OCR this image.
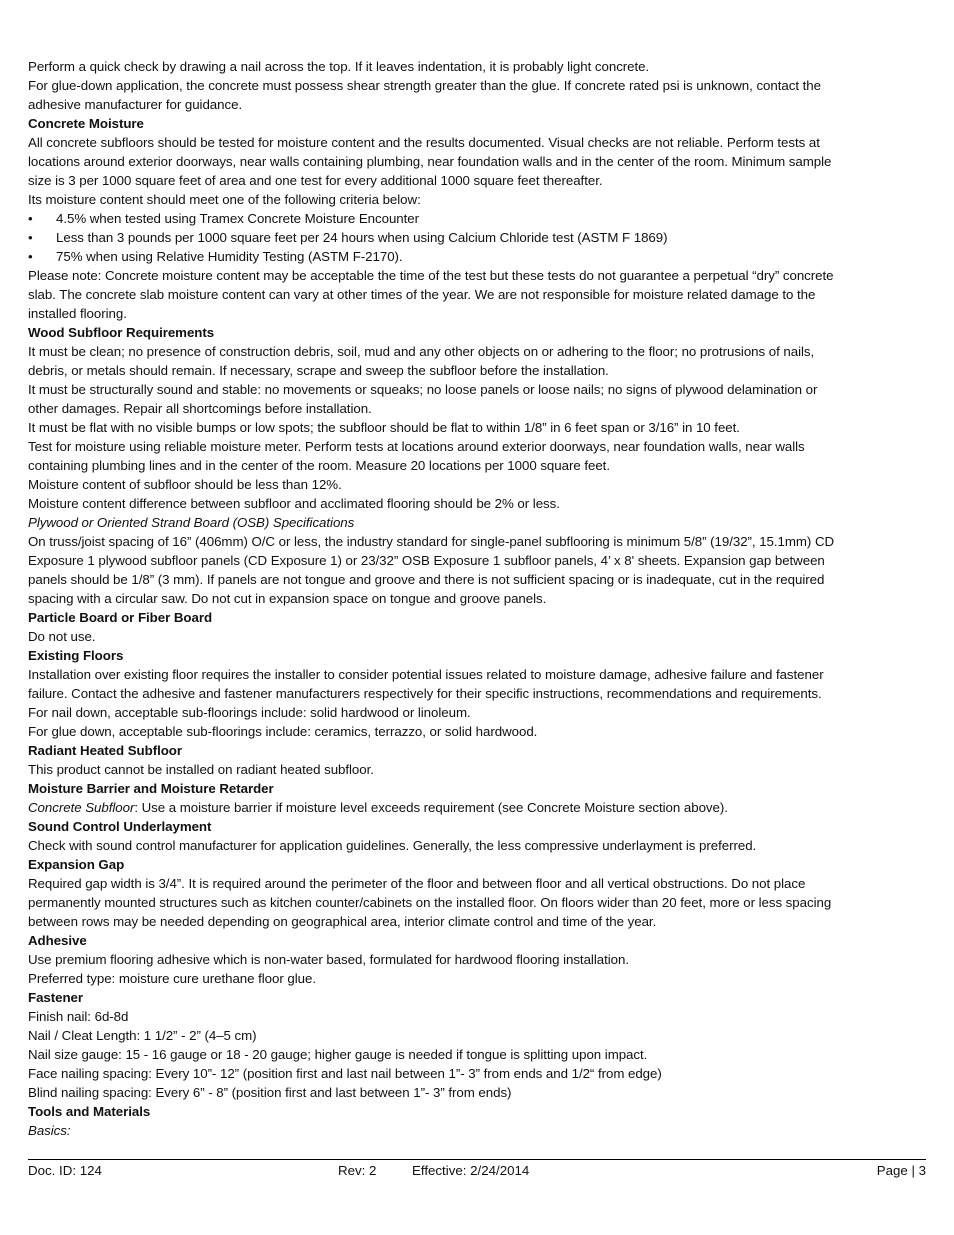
Perform a quick check by drawing a nail across the top. If it leaves indentation, it is probably light concrete.
For glue-down application, the concrete must possess shear strength greater than the glue. If concrete rated psi is unknown, contact the
adhesive manufacturer for guidance.
Concrete Moisture
All concrete subfloors should be tested for moisture content and the results documented. Visual checks are not reliable. Perform tests at
locations around exterior doorways, near walls containing plumbing, near foundation walls and in the center of the room. Minimum sample
size is 3 per 1000 square feet of area and one test for every additional 1000 square feet thereafter.
Its moisture content should meet one of the following criteria below:
• 4.5% when tested using Tramex Concrete Moisture Encounter
• Less than 3 pounds per 1000 square feet per 24 hours when using Calcium Chloride test (ASTM F 1869)
• 75% when using Relative Humidity Testing (ASTM F-2170).
Please note: Concrete moisture content may be acceptable the time of the test but these tests do not guarantee a perpetual “dry” concrete
slab. The concrete slab moisture content can vary at other times of the year. We are not responsible for moisture related damage to the
installed flooring.
Wood Subfloor Requirements
It must be clean; no presence of construction debris, soil, mud and any other objects on or adhering to the floor; no protrusions of nails,
debris, or metals should remain. If necessary, scrape and sweep the subfloor before the installation.
It must be structurally sound and stable: no movements or squeaks; no loose panels or loose nails; no signs of plywood delamination or
other damages. Repair all shortcomings before installation.
It must be flat with no visible bumps or low spots; the subfloor should be flat to within 1/8” in 6 feet span or 3/16” in 10 feet.
Test for moisture using reliable moisture meter. Perform tests at locations around exterior doorways, near foundation walls, near walls
containing plumbing lines and in the center of the room. Measure 20 locations per 1000 square feet.
Moisture content of subfloor should be less than 12%.
Moisture content difference between subfloor and acclimated flooring should be 2% or less.
Plywood or Oriented Strand Board (OSB) Specifications
On truss/joist spacing of 16” (406mm) O/C or less, the industry standard for single-panel subflooring is minimum 5/8” (19/32”, 15.1mm) CD
Exposure 1 plywood subfloor panels (CD Exposure 1) or 23/32” OSB Exposure 1 subfloor panels, 4’ x 8' sheets. Expansion gap between
panels should be 1/8” (3 mm). If panels are not tongue and groove and there is not sufficient spacing or is inadequate, cut in the required
spacing with a circular saw. Do not cut in expansion space on tongue and groove panels.
Particle Board or Fiber Board
Do not use.
Existing Floors
Installation over existing floor requires the installer to consider potential issues related to moisture damage, adhesive failure and fastener
failure. Contact the adhesive and fastener manufacturers respectively for their specific instructions, recommendations and requirements.
For nail down, acceptable sub-floorings include: solid hardwood or linoleum.
For glue down, acceptable sub-floorings include: ceramics, terrazzo, or solid hardwood.
Radiant Heated Subfloor
This product cannot be installed on radiant heated subfloor.
Moisture Barrier and Moisture Retarder
Concrete Subfloor: Use a moisture barrier if moisture level exceeds requirement (see Concrete Moisture section above).
Sound Control Underlayment
Check with sound control manufacturer for application guidelines. Generally, the less compressive underlayment is preferred.
Expansion Gap
Required gap width is 3/4”. It is required around the perimeter of the floor and between floor and all vertical obstructions. Do not place
permanently mounted structures such as kitchen counter/cabinets on the installed floor. On floors wider than 20 feet, more or less spacing
between rows may be needed depending on geographical area, interior climate control and time of the year.
Adhesive
Use premium flooring adhesive which is non-water based, formulated for hardwood flooring installation.
Preferred type: moisture cure urethane floor glue.
Fastener
Finish nail: 6d-8d
Nail / Cleat Length: 1 1/2” - 2” (4–5 cm)
Nail size gauge: 15 - 16 gauge or 18 - 20 gauge; higher gauge is needed if tongue is splitting upon impact.
Face nailing spacing: Every 10”- 12” (position first and last nail between 1”- 3” from ends and 1/2“ from edge)
Blind nailing spacing: Every 6” - 8” (position first and last between 1”- 3” from ends)
Tools and Materials
Basics:
Doc. ID: 124	Rev: 2	Effective: 2/24/2014	Page | 3
